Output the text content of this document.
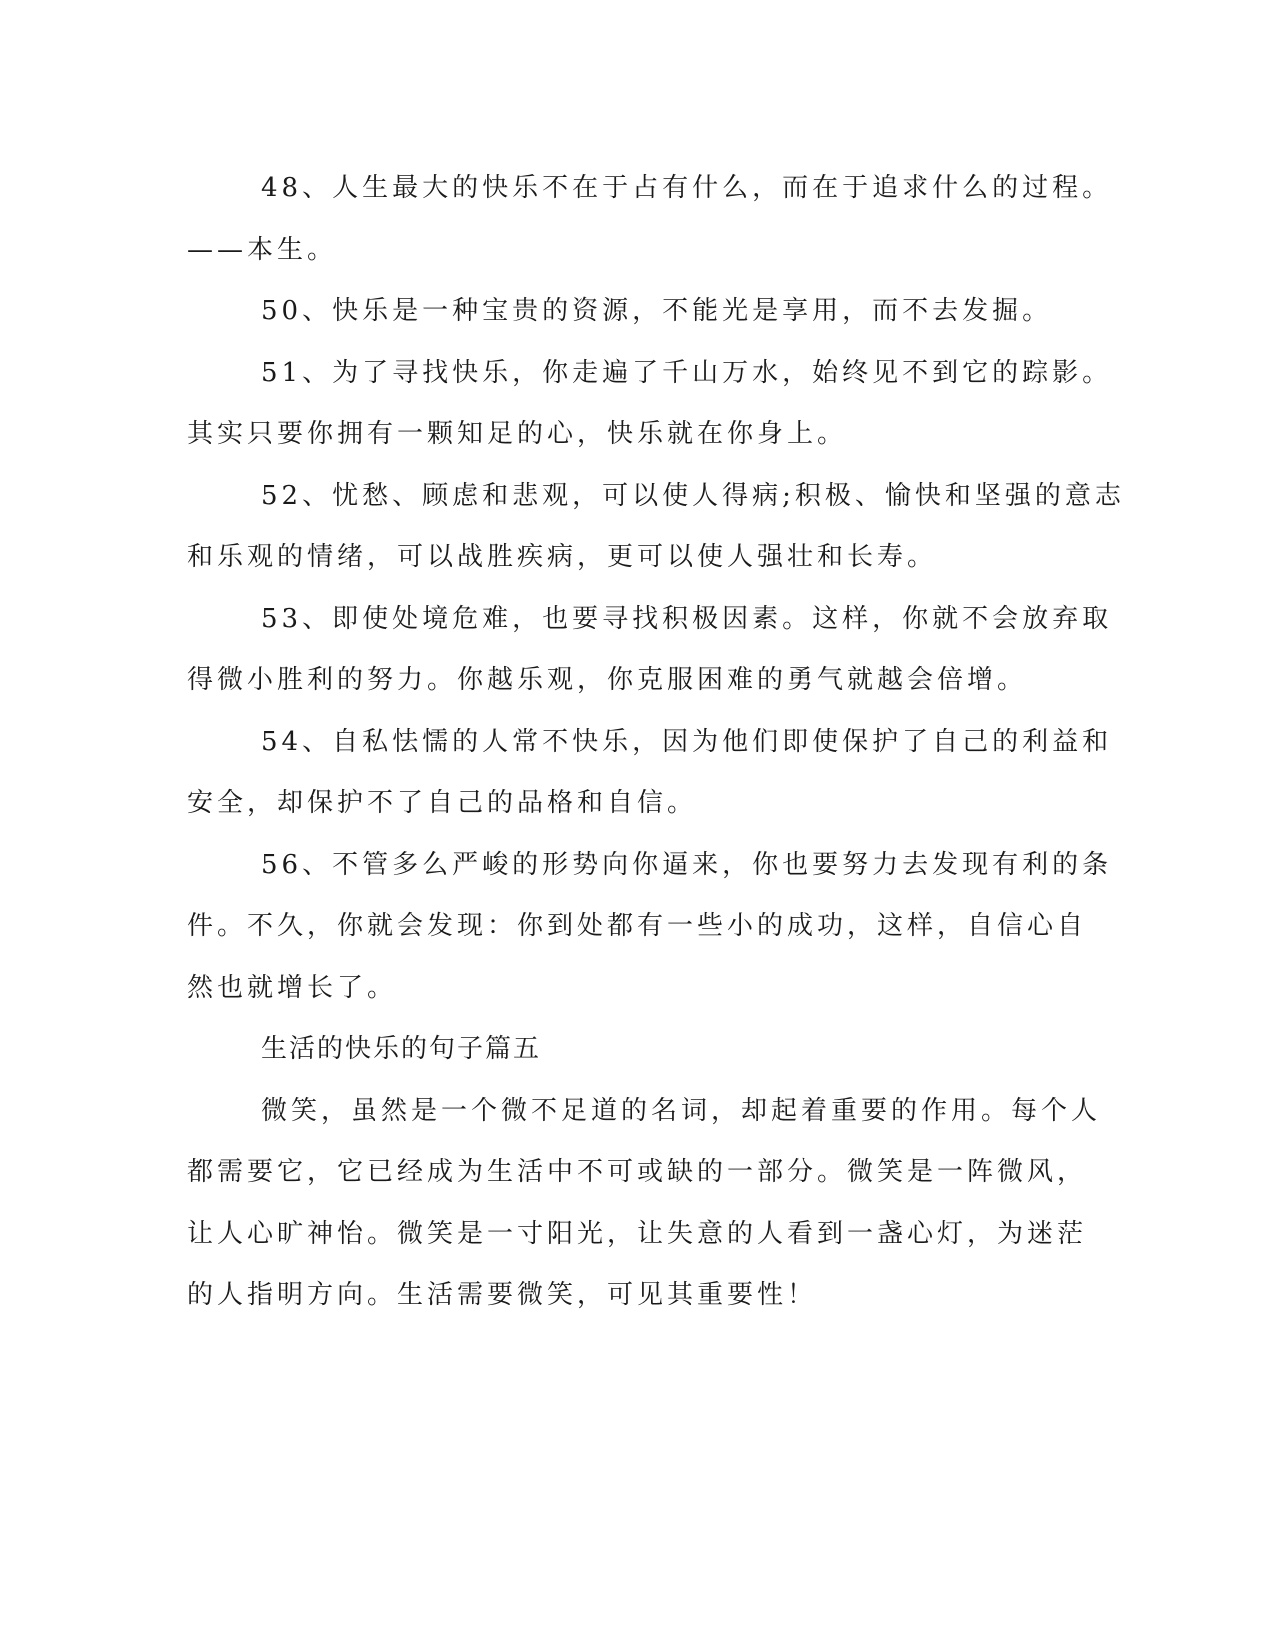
48、人生最大的快乐不在于占有什么，而在于追求什么的过程。
——本生。

50、快乐是一种宝贵的资源，不能光是享用，而不去发掘。

51、为了寻找快乐，你走遍了千山万水，始终见不到它的踪影。
其实只要你拥有一颗知足的心，快乐就在你身上。

52、忧愁、顾虑和悲观，可以使人得病;积极、愉快和坚强的意志
和乐观的情绪，可以战胜疾病，更可以使人强壮和长寿。

53、即使处境危难，也要寻找积极因素。这样，你就不会放弃取
得微小胜利的努力。你越乐观，你克服困难的勇气就越会倍增。

54、自私怯懦的人常不快乐，因为他们即使保护了自己的利益和
安全，却保护不了自己的品格和自信。

56、不管多么严峻的形势向你逼来，你也要努力去发现有利的条
件。不久，你就会发现：你到处都有一些小的成功，这样，自信心自
然也就增长了。

生活的快乐的句子篇五

微笑，虽然是一个微不足道的名词，却起着重要的作用。每个人
都需要它，它已经成为生活中不可或缺的一部分。微笑是一阵微风，
让人心旷神怡。微笑是一寸阳光，让失意的人看到一盏心灯，为迷茫
的人指明方向。生活需要微笑，可见其重要性！
